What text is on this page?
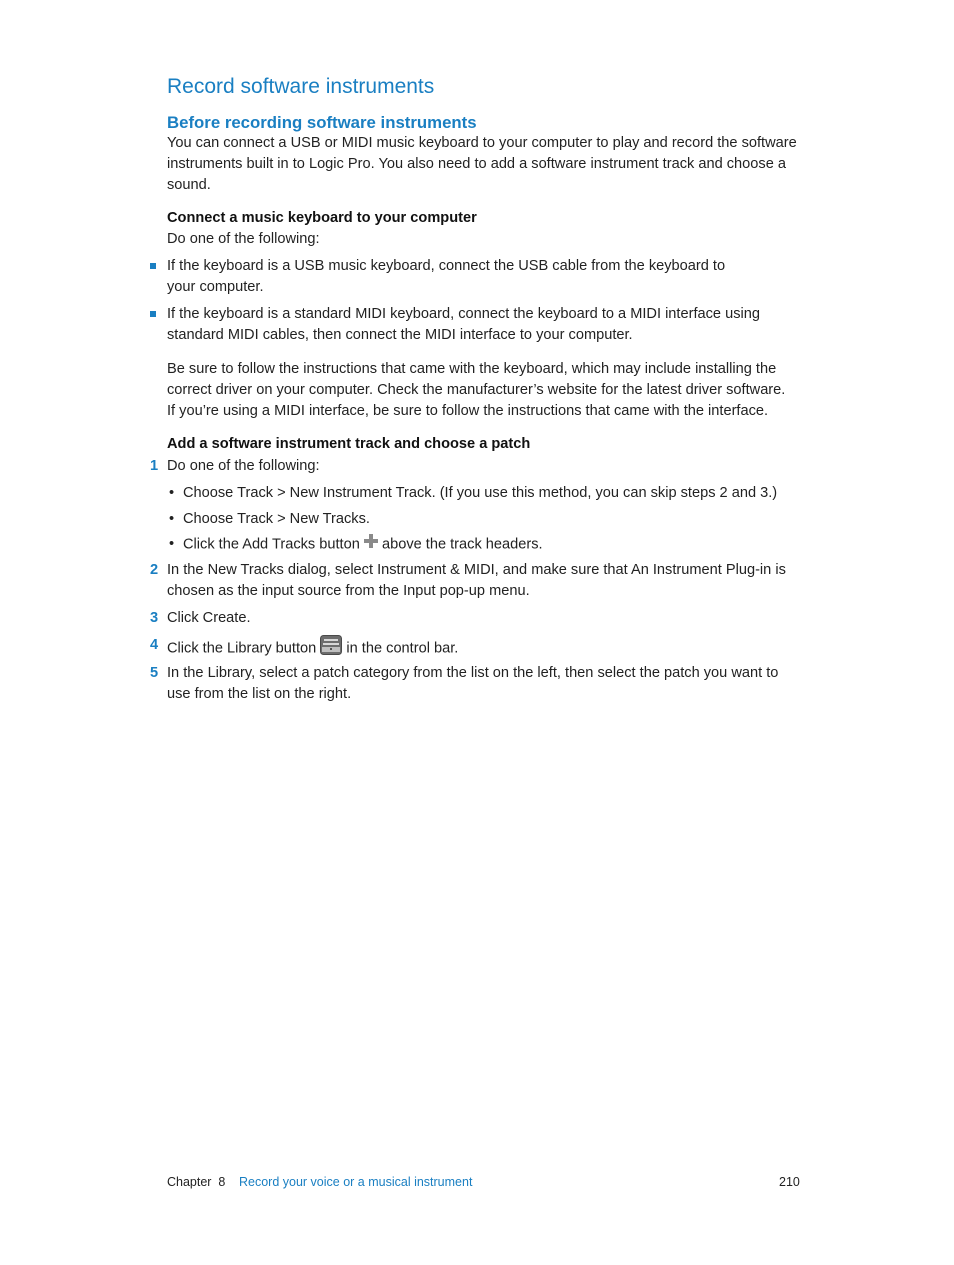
Record software instruments
Before recording software instruments
You can connect a USB or MIDI music keyboard to your computer to play and record the software instruments built in to Logic Pro. You also need to add a software instrument track and choose a sound.
Connect a music keyboard to your computer
Do one of the following:
If the keyboard is a USB music keyboard, connect the USB cable from the keyboard to your computer.
If the keyboard is a standard MIDI keyboard, connect the keyboard to a MIDI interface using standard MIDI cables, then connect the MIDI interface to your computer.
Be sure to follow the instructions that came with the keyboard, which may include installing the correct driver on your computer. Check the manufacturer’s website for the latest driver software. If you’re using a MIDI interface, be sure to follow the instructions that came with the interface.
Add a software instrument track and choose a patch
1 Do one of the following:
• Choose Track > New Instrument Track. (If you use this method, you can skip steps 2 and 3.)
• Choose Track > New Tracks.
• Click the Add Tracks button above the track headers.
2 In the New Tracks dialog, select Instrument & MIDI, and make sure that An Instrument Plug-in is chosen as the input source from the Input pop-up menu.
3 Click Create.
4 Click the Library button in the control bar.
5 In the Library, select a patch category from the list on the left, then select the patch you want to use from the list on the right.
Chapter  8 Record your voice or a musical instrument	210
